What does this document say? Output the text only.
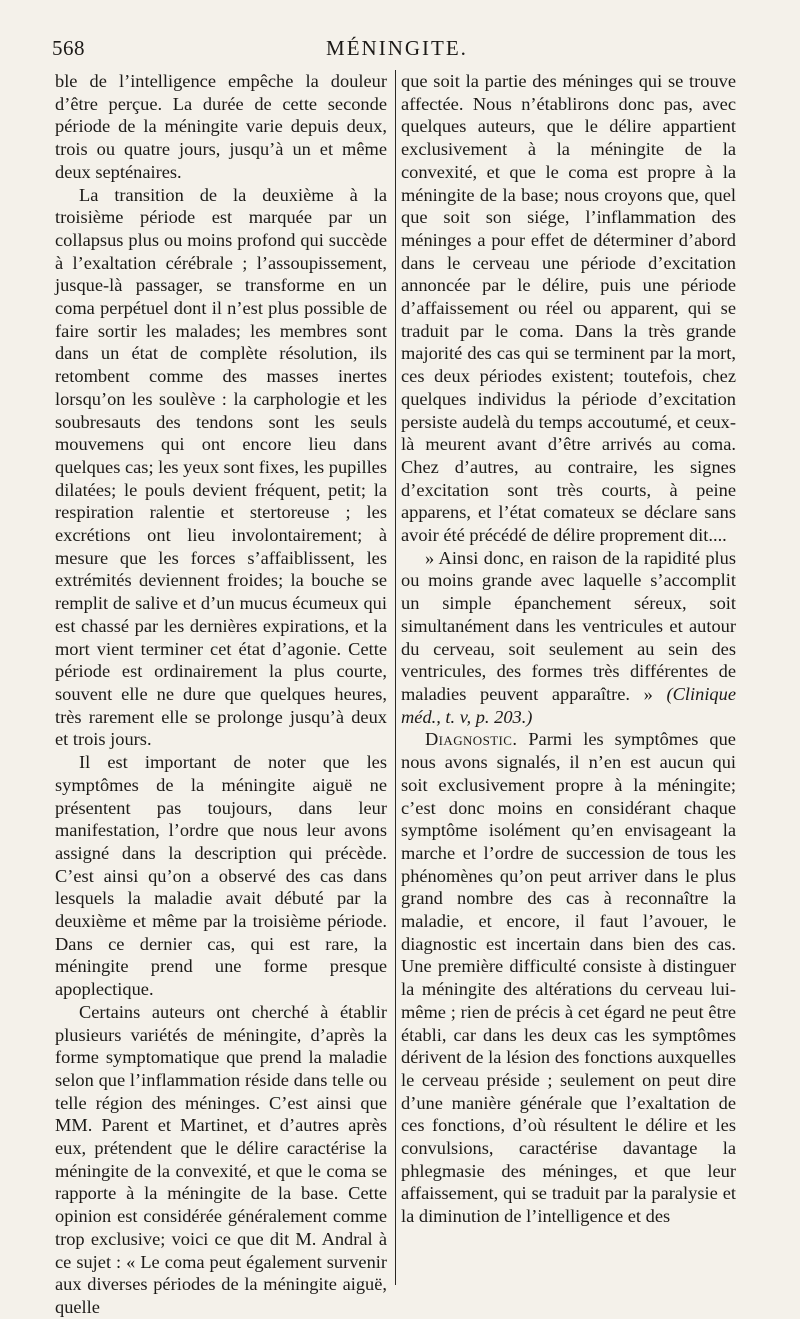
568	MÉNINGITE.

ble de l’intelligence empêche la douleur d’être perçue. La durée de cette seconde période de la méningite varie depuis deux, trois ou quatre jours, jusqu’à un et même deux septénaires.

La transition de la deuxième à la troisième période est marquée par un collapsus plus ou moins profond qui succède à l’exaltation cérébrale ; l’assoupissement, jusque-là passager, se transforme en un coma perpétuel dont il n’est plus possible de faire sortir les malades; les membres sont dans un état de complète résolution, ils retombent comme des masses inertes lorsqu’on les soulève : la carphologie et les soubresauts des tendons sont les seuls mouvemens qui ont encore lieu dans quelques cas; les yeux sont fixes, les pupilles dilatées; le pouls devient fréquent, petit; la respiration ralentie et stertoreuse ; les excrétions ont lieu involontairement; à mesure que les forces s’affaiblissent, les extrémités deviennent froides; la bouche se remplit de salive et d’un mucus écumeux qui est chassé par les dernières expirations, et la mort vient terminer cet état d’agonie. Cette période est ordinairement la plus courte, souvent elle ne dure que quelques heures, très rarement elle se prolonge jusqu’à deux et trois jours.

Il est important de noter que les symptômes de la méningite aiguë ne présentent pas toujours, dans leur manifestation, l’ordre que nous leur avons assigné dans la description qui précède. C’est ainsi qu’on a observé des cas dans lesquels la maladie avait débuté par la deuxième et même par la troisième période. Dans ce dernier cas, qui est rare, la méningite prend une forme presque apoplectique.

Certains auteurs ont cherché à établir plusieurs variétés de méningite, d’après la forme symptomatique que prend la maladie selon que l’inflammation réside dans telle ou telle région des méninges. C’est ainsi que MM. Parent et Martinet, et d’autres après eux, prétendent que le délire caractérise la méningite de la convexité, et que le coma se rapporte à la méningite de la base. Cette opinion est considérée généralement comme trop exclusive; voici ce que dit M. Andral à ce sujet : « Le coma peut également survenir aux diverses périodes de la méningite aiguë, quelle

que soit la partie des méninges qui se trouve affectée. Nous n’établirons donc pas, avec quelques auteurs, que le délire appartient exclusivement à la méningite de la convexité, et que le coma est propre à la méningite de la base; nous croyons que, quel que soit son siége, l’inflammation des méninges a pour effet de déterminer d’abord dans le cerveau une période d’excitation annoncée par le délire, puis une période d’affaissement ou réel ou apparent, qui se traduit par le coma. Dans la très grande majorité des cas qui se terminent par la mort, ces deux périodes existent; toutefois, chez quelques individus la période d’excitation persiste audelà du temps accoutumé, et ceux-là meurent avant d’être arrivés au coma. Chez d’autres, au contraire, les signes d’excitation sont très courts, à peine apparens, et l’état comateux se déclare sans avoir été précédé de délire proprement dit....

» Ainsi donc, en raison de la rapidité plus ou moins grande avec laquelle s’accomplit un simple épanchement séreux, soit simultanément dans les ventricules et autour du cerveau, soit seulement au sein des ventricules, des formes très différentes de maladies peuvent apparaître. » (Clinique méd., t. v, p. 203.)

Diagnostic. Parmi les symptômes que nous avons signalés, il n’en est aucun qui soit exclusivement propre à la méningite; c’est donc moins en considérant chaque symptôme isolément qu’en envisageant la marche et l’ordre de succession de tous les phénomènes qu’on peut arriver dans le plus grand nombre des cas à reconnaître la maladie, et encore, il faut l’avouer, le diagnostic est incertain dans bien des cas. Une première difficulté consiste à distinguer la méningite des altérations du cerveau lui-même ; rien de précis à cet égard ne peut être établi, car dans les deux cas les symptômes dérivent de la lésion des fonctions auxquelles le cerveau préside ; seulement on peut dire d’une manière générale que l’exaltation de ces fonctions, d’où résultent le délire et les convulsions, caractérise davantage la phlegmasie des méninges, et que leur affaissement, qui se traduit par la paralysie et la diminution de l’intelligence et des
